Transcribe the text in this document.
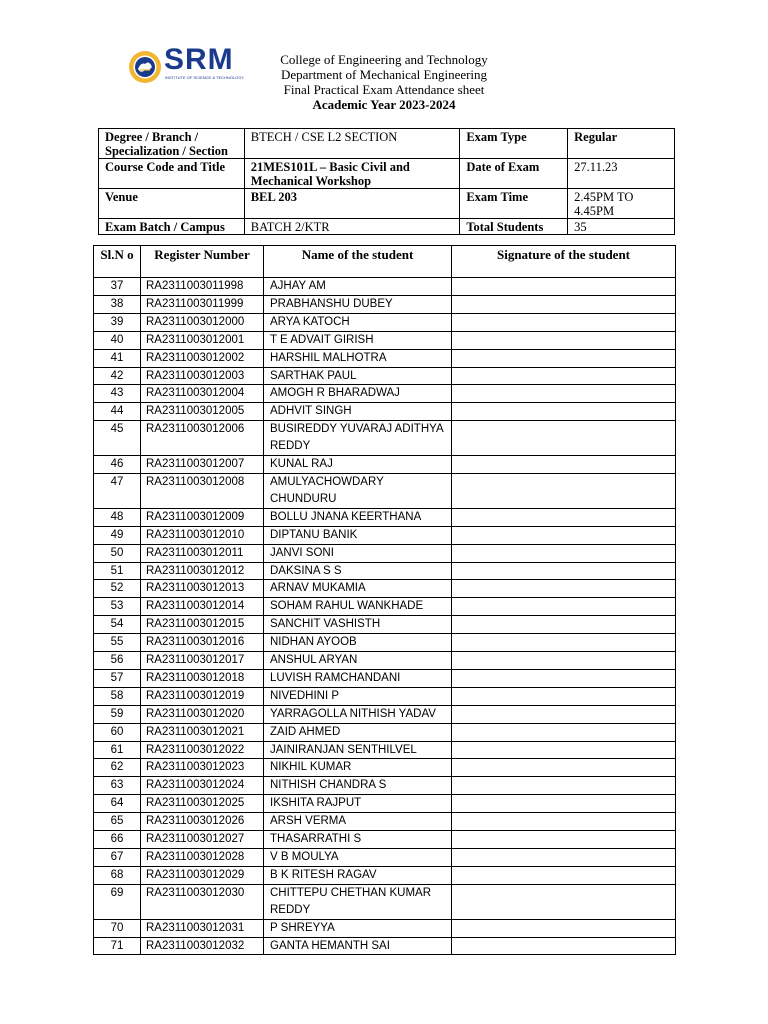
SRM
INSTITUTE OF SCIENCE & TECHNOLOGY
College of Engineering and Technology
Department of Mechanical Engineering
Final Practical Exam Attendance sheet
Academic Year 2023-2024
Degree / Branch / Specialization / Section	BTECH / CSE L2 SECTION	Exam Type	Regular
Course Code and Title	21MES101L – Basic Civil and Mechanical Workshop	Date of Exam	27.11.23
Venue	BEL 203	Exam Time	2.45PM TO 4.45PM
Exam Batch / Campus	BATCH 2/KTR	Total Students	35
Sl.N o	Register Number	Name of the student	Signature of the student
37	RA2311003011998	AJHAY AM	
38	RA2311003011999	PRABHANSHU DUBEY	
39	RA2311003012000	ARYA KATOCH	
40	RA2311003012001	T E ADVAIT GIRISH	
41	RA2311003012002	HARSHIL MALHOTRA	
42	RA2311003012003	SARTHAK PAUL	
43	RA2311003012004	AMOGH R BHARADWAJ	
44	RA2311003012005	ADHVIT SINGH	
45	RA2311003012006	BUSIREDDY YUVARAJ ADITHYA REDDY	
46	RA2311003012007	KUNAL RAJ	
47	RA2311003012008	AMULYACHOWDARY CHUNDURU	
48	RA2311003012009	BOLLU JNANA KEERTHANA	
49	RA2311003012010	DIPTANU BANIK	
50	RA2311003012011	JANVI SONI	
51	RA2311003012012	DAKSINA S S	
52	RA2311003012013	ARNAV MUKAMIA	
53	RA2311003012014	SOHAM RAHUL WANKHADE	
54	RA2311003012015	SANCHIT VASHISTH	
55	RA2311003012016	NIDHAN AYOOB	
56	RA2311003012017	ANSHUL ARYAN	
57	RA2311003012018	LUVISH RAMCHANDANI	
58	RA2311003012019	NIVEDHINI P	
59	RA2311003012020	YARRAGOLLA NITHISH YADAV	
60	RA2311003012021	ZAID AHMED	
61	RA2311003012022	JAINIRANJAN SENTHILVEL	
62	RA2311003012023	NIKHIL KUMAR	
63	RA2311003012024	NITHISH CHANDRA S	
64	RA2311003012025	IKSHITA RAJPUT	
65	RA2311003012026	ARSH VERMA	
66	RA2311003012027	THASARRATHI S	
67	RA2311003012028	V B MOULYA	
68	RA2311003012029	B K RITESH RAGAV	
69	RA2311003012030	CHITTEPU CHETHAN KUMAR REDDY	
70	RA2311003012031	P SHREYYA	
71	RA2311003012032	GANTA HEMANTH SAI	
